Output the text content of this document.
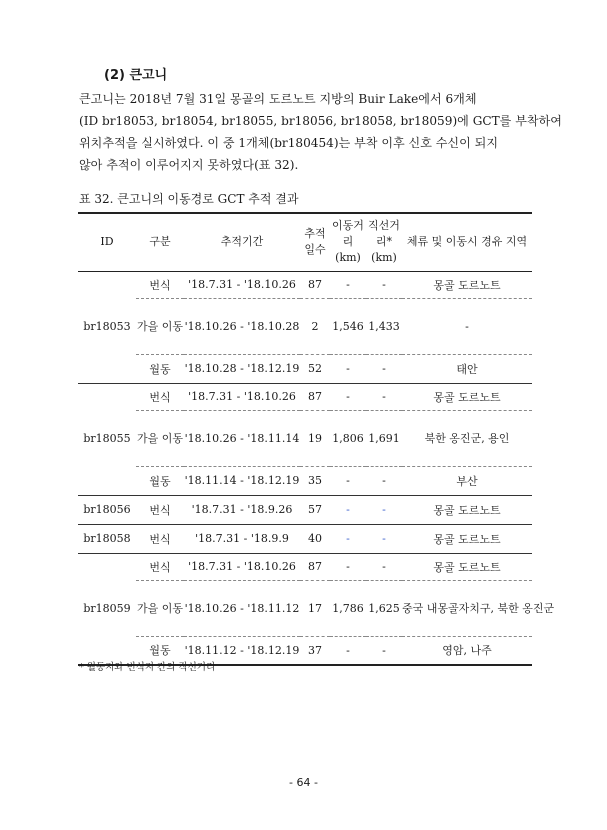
(2) 큰고니
큰고니는 2018년 7월 31일 몽골의 도르노트 지방의 Buir Lake에서 6개체
(ID br18053, br18054, br18055, br18056, br18058, br18059)에 GCT를 부착하여
위치추적을 실시하였다. 이 중 1개체(br180454)는 부착 이후 신호 수신이 되지
않아 추적이 이루어지지 못하였다(표 32).
표 32. 큰고니의 이동경로 GCT 추적 결과
ID	구분	추적기간	추적일수	이동거리(km)	직선거리*(km)	체류 및 이동시 경유 지역
br18053	번식	'18.7.31 - '18.10.26	87	-	-	몽골 도르노트
	가을 이동	'18.10.26 - '18.10.28	2	1,546	1,433	-
	월동	'18.10.28 - '18.12.19	52	-	-	태안
br18055	번식	'18.7.31 - '18.10.26	87	-	-	몽골 도르노트
	가을 이동	'18.10.26 - '18.11.14	19	1,806	1,691	북한 옹진군, 용인
	월동	'18.11.14 - '18.12.19	35	-	-	부산
br18056	번식	'18.7.31 - '18.9.26	57	-	-	몽골 도르노트
br18058	번식	'18.7.31 - '18.9.9	40	-	-	몽골 도르노트
br18059	번식	'18.7.31 - '18.10.26	87	-	-	몽골 도르노트
	가을 이동	'18.10.26 - '18.11.12	17	1,786	1,625	중국 내몽골자치구, 북한 옹진군
	월동	'18.11.12 - '18.12.19	37	-	-	영암, 나주
* 월동지와 번식지 간의 직선거리
- 64 -
